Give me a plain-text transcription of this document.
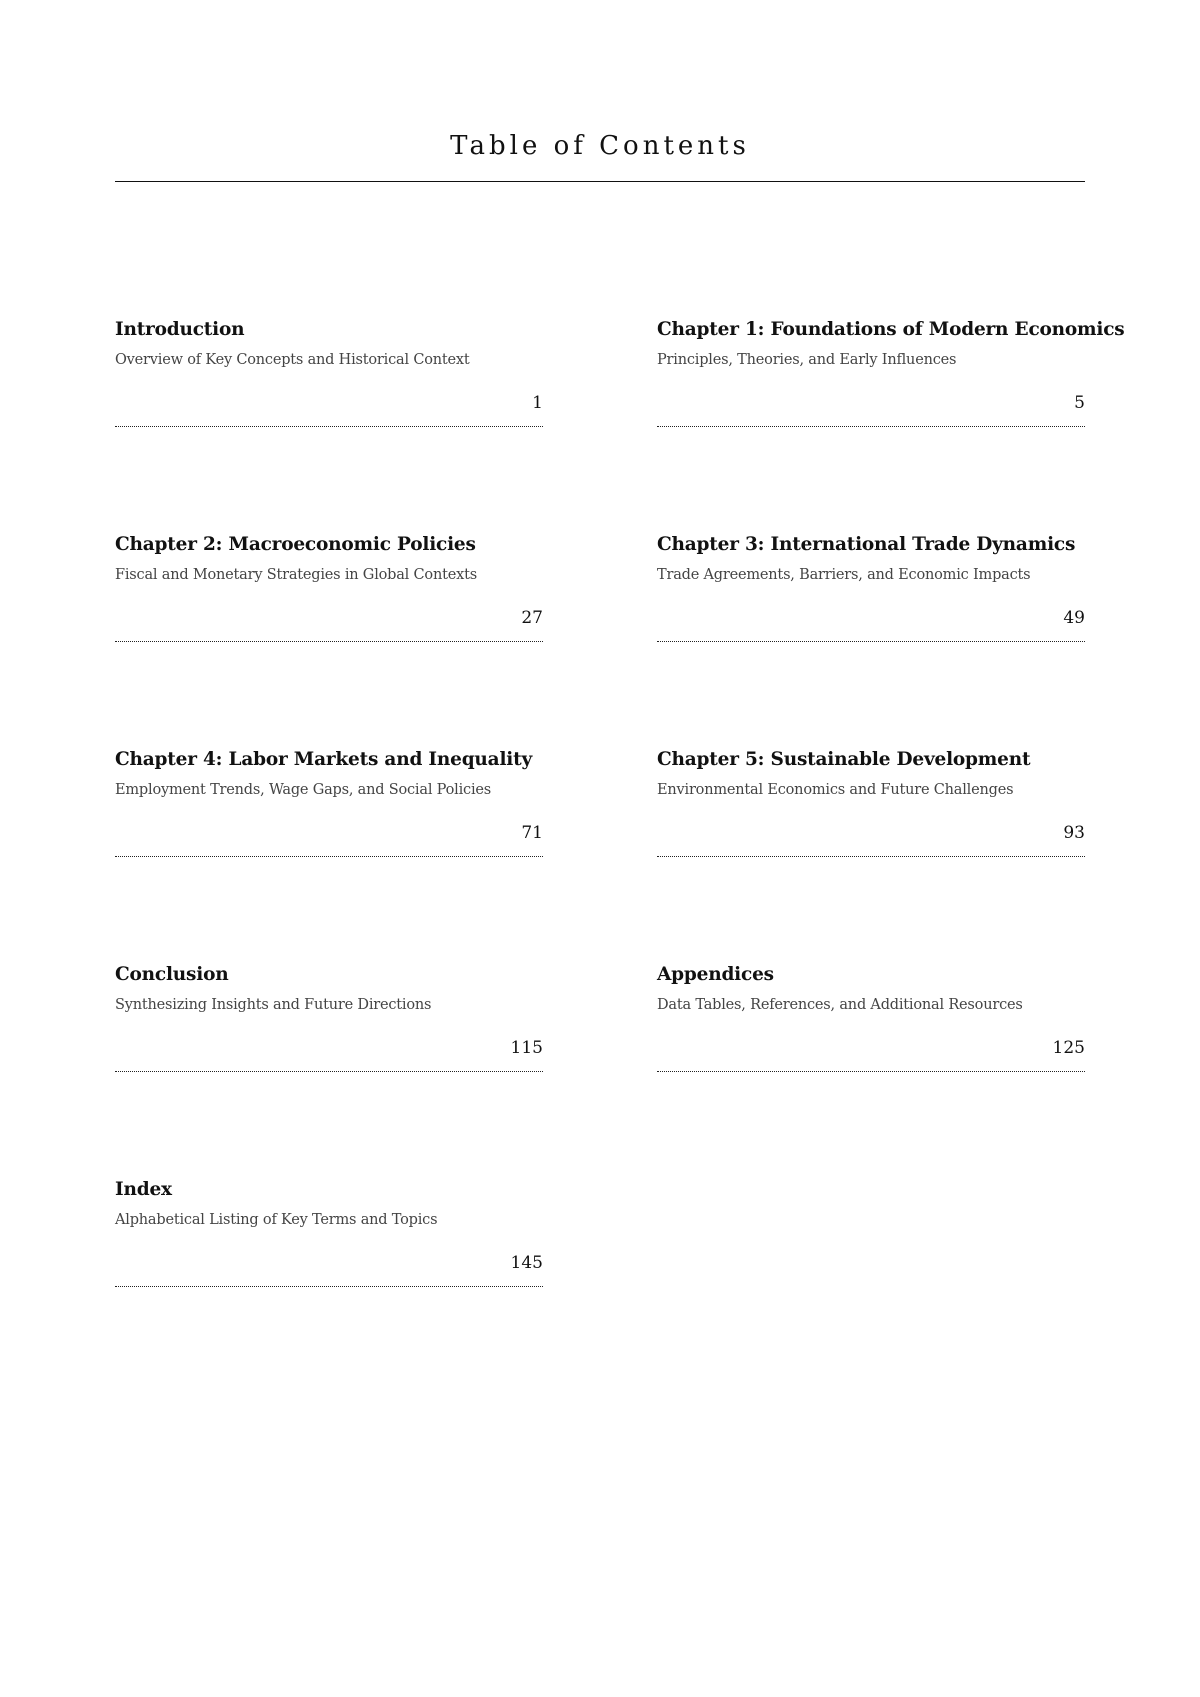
Table of Contents
Introduction
Overview of Key Concepts and Historical Context
1
Chapter 1: Foundations of Modern Economics
Principles, Theories, and Early Influences
5
Chapter 2: Macroeconomic Policies
Fiscal and Monetary Strategies in Global Contexts
27
Chapter 3: International Trade Dynamics
Trade Agreements, Barriers, and Economic Impacts
49
Chapter 4: Labor Markets and Inequality
Employment Trends, Wage Gaps, and Social Policies
71
Chapter 5: Sustainable Development
Environmental Economics and Future Challenges
93
Conclusion
Synthesizing Insights and Future Directions
115
Appendices
Data Tables, References, and Additional Resources
125
Index
Alphabetical Listing of Key Terms and Topics
145
